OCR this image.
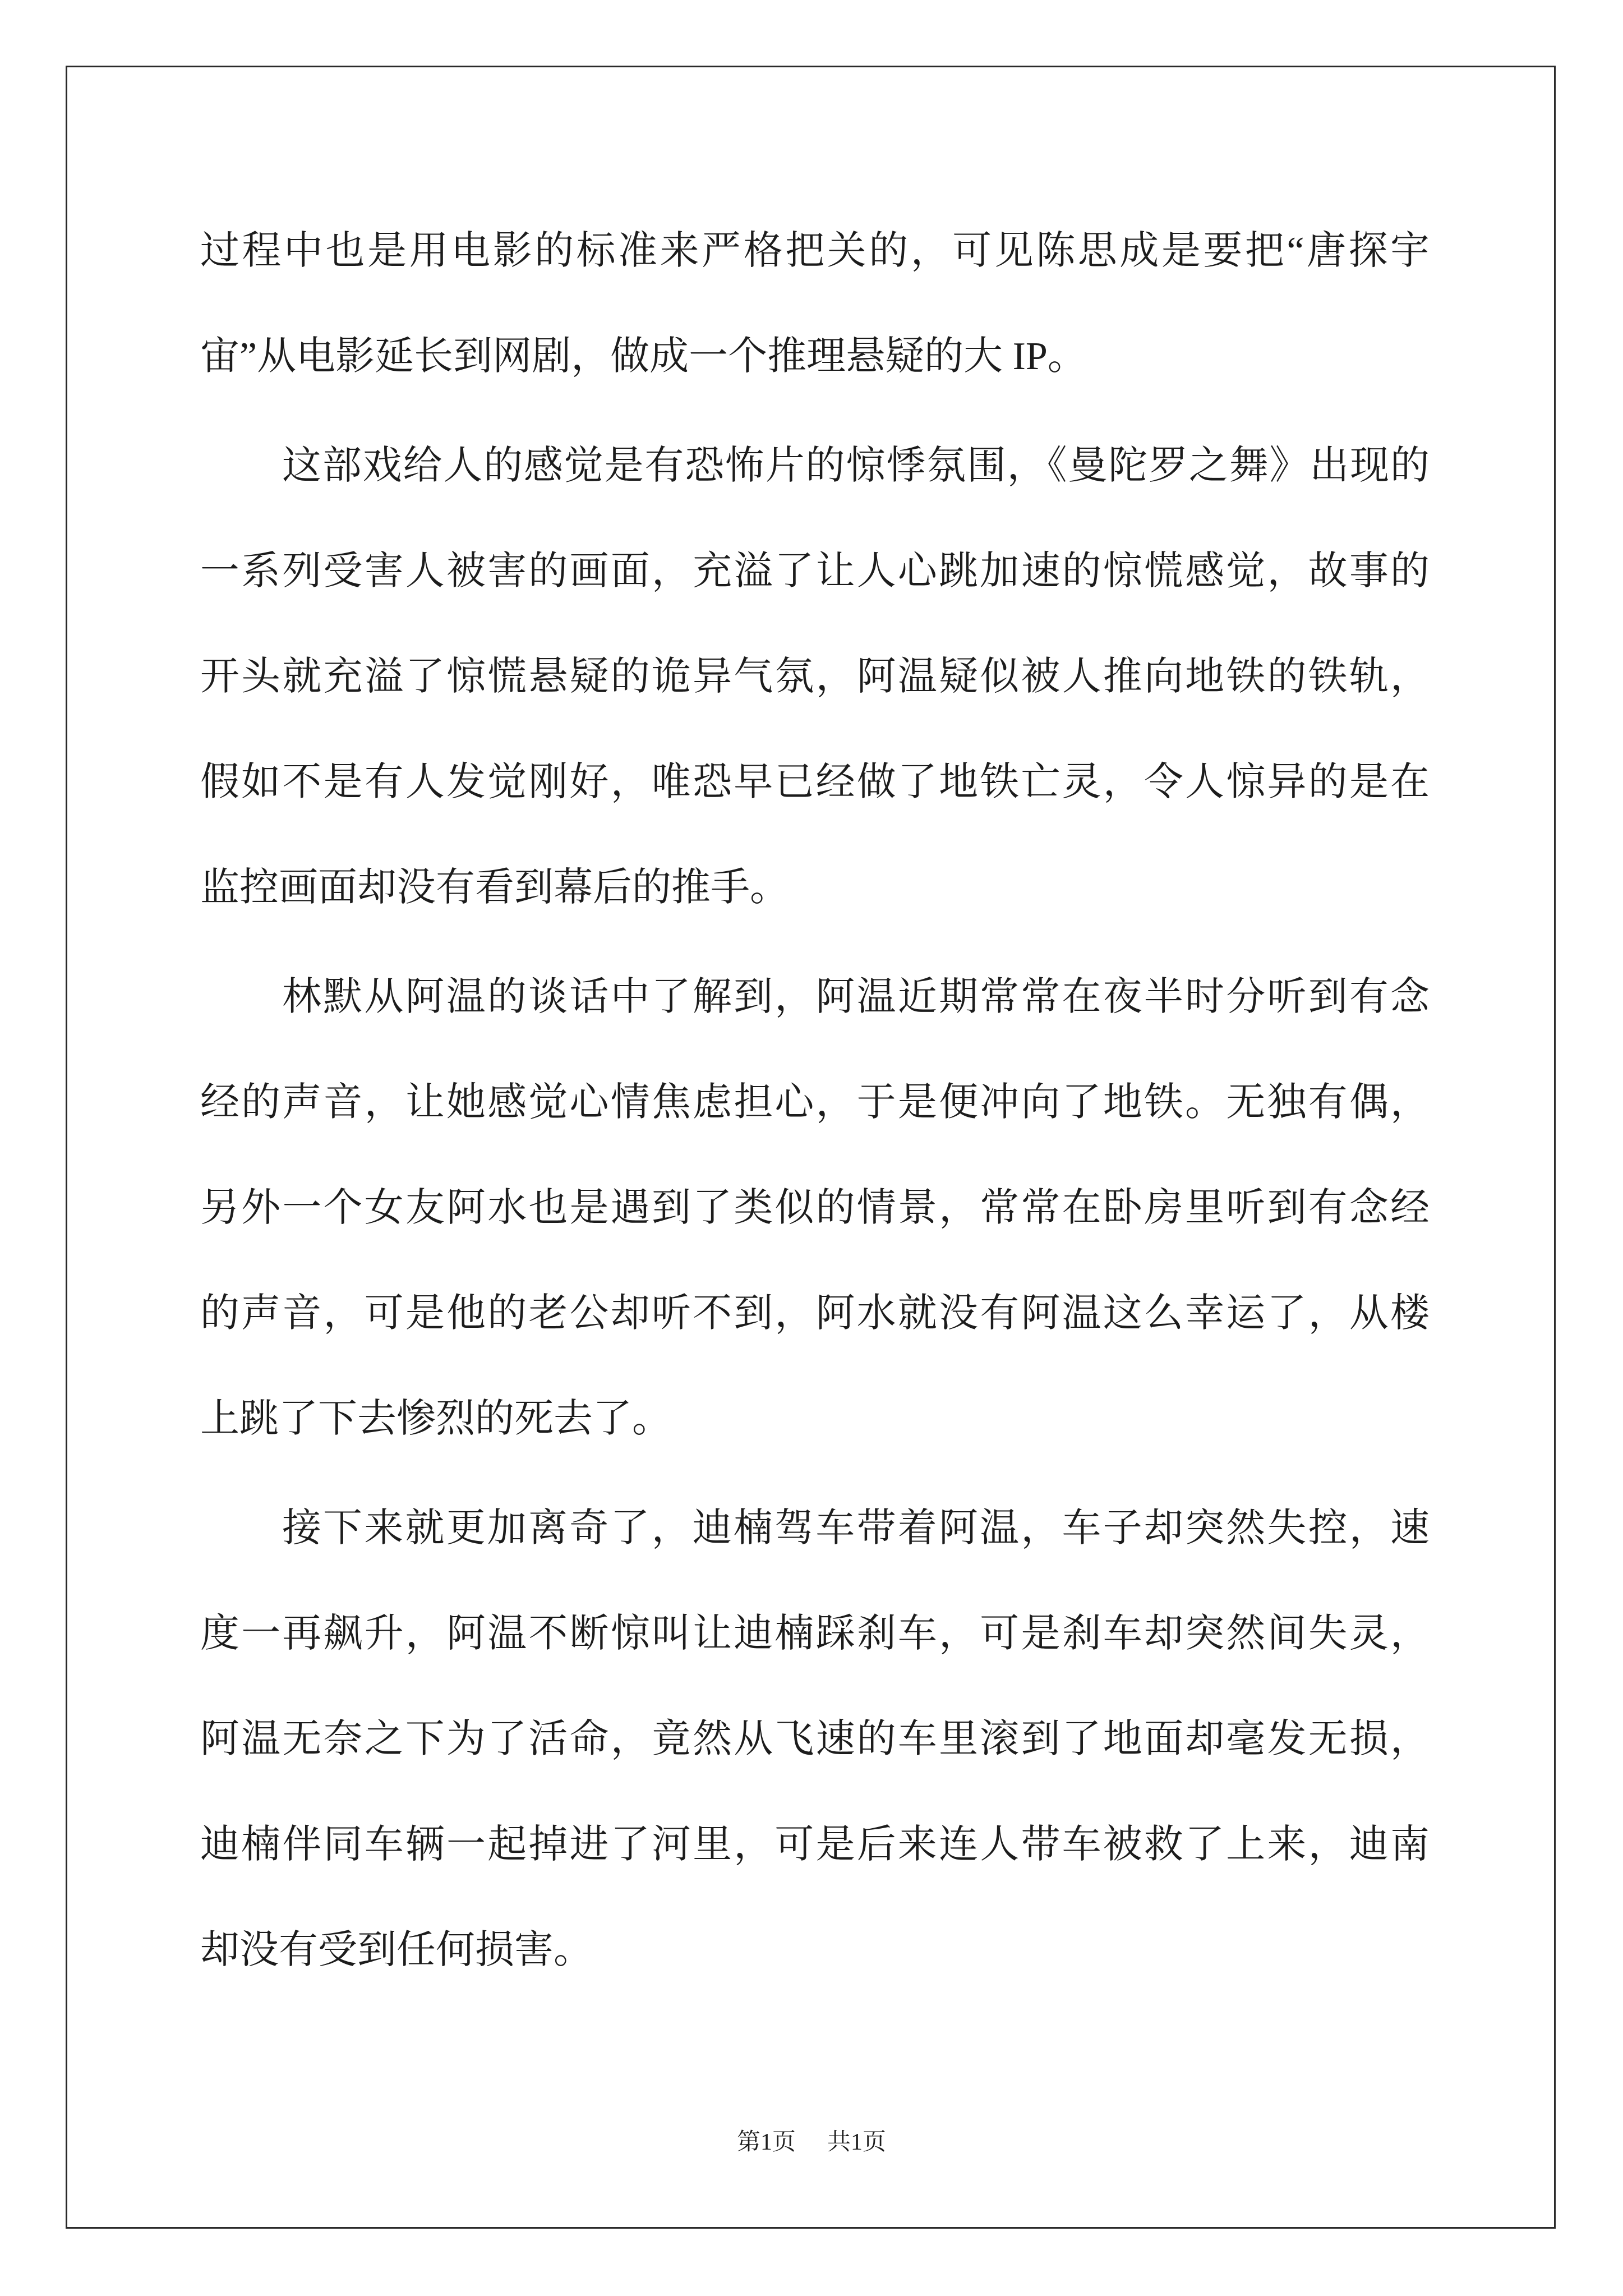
过程中也是用电影的标准来严格把关的，可见陈思成是要把“唐探宇
宙”从电影延长到网剧，做成一个推理悬疑的大 IP。
这部戏给人的感觉是有恐怖片的惊悸氛围，《曼陀罗之舞》出现的
一系列受害人被害的画面，充溢了让人心跳加速的惊慌感觉，故事的
开头就充溢了惊慌悬疑的诡异气氛，阿温疑似被人推向地铁的铁轨，
假如不是有人发觉刚好，唯恐早已经做了地铁亡灵，令人惊异的是在
监控画面却没有看到幕后的推手。
林默从阿温的谈话中了解到，阿温近期常常在夜半时分听到有念
经的声音，让她感觉心情焦虑担心，于是便冲向了地铁。无独有偶，
另外一个女友阿水也是遇到了类似的情景，常常在卧房里听到有念经
的声音，可是他的老公却听不到，阿水就没有阿温这么幸运了，从楼
上跳了下去惨烈的死去了。
接下来就更加离奇了，迪楠驾车带着阿温，车子却突然失控，速
度一再飙升，阿温不断惊叫让迪楠踩刹车，可是刹车却突然间失灵，
阿温无奈之下为了活命，竟然从飞速的车里滚到了地面却毫发无损，
迪楠伴同车辆一起掉进了河里，可是后来连人带车被救了上来，迪南
却没有受到任何损害。
第1页 共1页
